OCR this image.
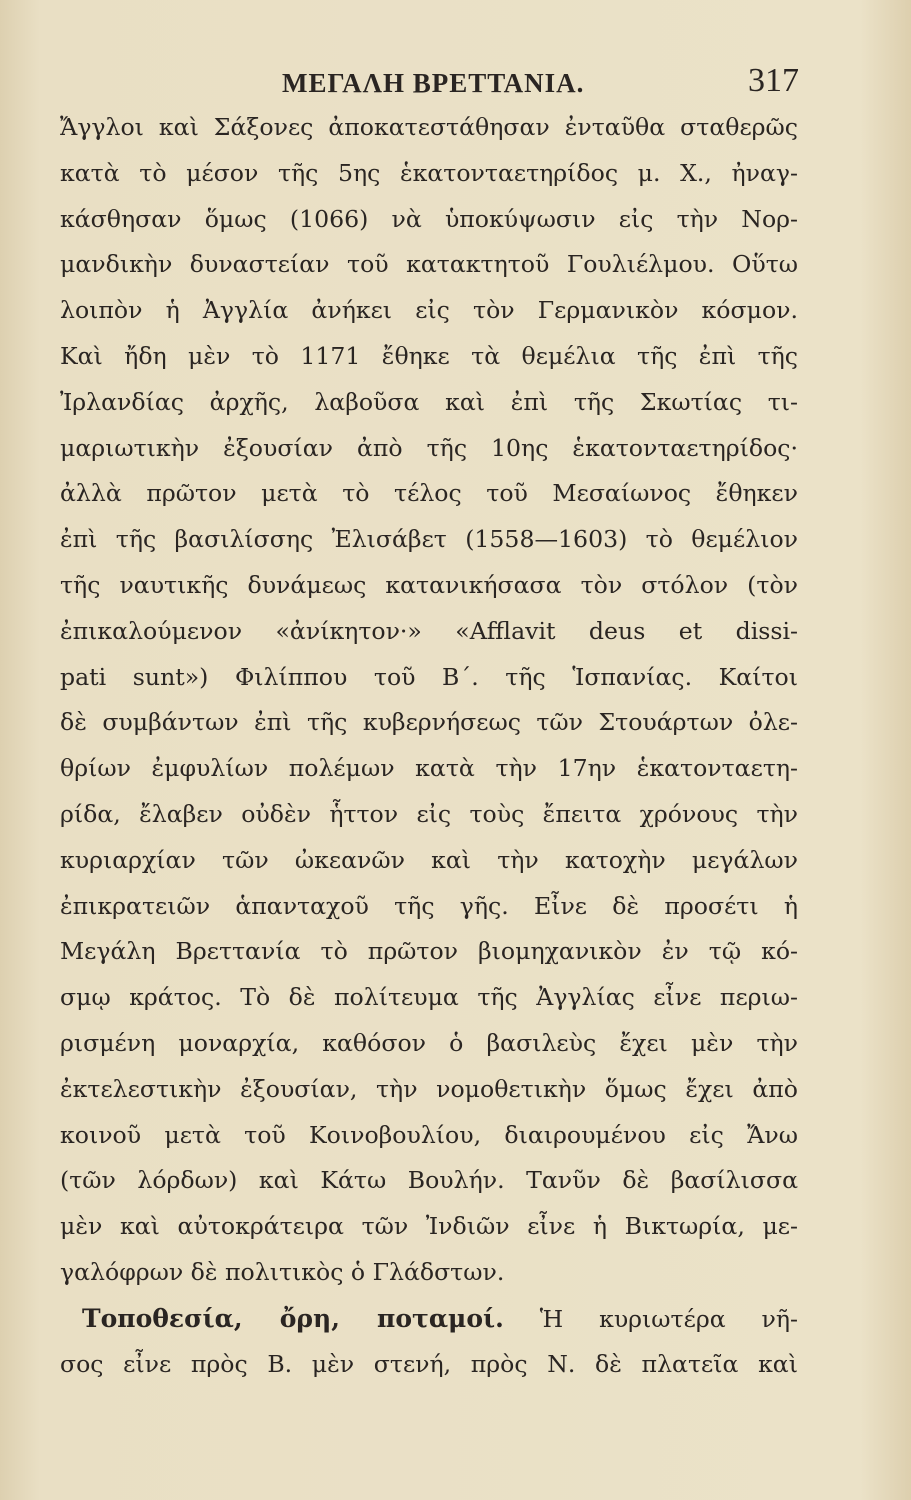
ΜΕΓΑΛΗ ΒΡΕΤΤΑΝΙΑ.	317
Ἄγγλοι καὶ Σάξονες ἀποκατεστάθησαν ἐνταῦθα σταθερῶς
κατὰ τὸ μέσον τῆς 5ης ἑκατονταετηρίδος μ. Χ., ἠναγ-
κάσθησαν ὅμως (1066) νὰ ὑποκύψωσιν εἰς τὴν Νορ-
μανδικὴν δυναστείαν τοῦ κατακτητοῦ Γουλιέλμου. Οὕτω
λοιπὸν ἡ Ἀγγλία ἀνήκει εἰς τὸν Γερμανικὸν κόσμον.
Καὶ ἤδη μὲν τὸ 1171 ἔθηκε τὰ θεμέλια τῆς ἐπὶ τῆς
Ἰρλανδίας ἀρχῆς, λαβοῦσα καὶ ἐπὶ τῆς Σκωτίας τι-
μαριωτικὴν ἐξουσίαν ἀπὸ τῆς 10ης ἑκατονταετηρίδος·
ἀλλὰ πρῶτον μετὰ τὸ τέλος τοῦ Μεσαίωνος ἔθηκεν
ἐπὶ τῆς βασιλίσσης Ἐλισάβετ (1558—1603) τὸ θεμέλιον
τῆς ναυτικῆς δυνάμεως κατανικήσασα τὸν στόλον (τὸν
ἐπικαλούμενον «ἀνίκητον·» «Afflavit deus et dissi-
pati sunt») Φιλίππου τοῦ Β΄. τῆς Ἱσπανίας. Καίτοι
δὲ συμβάντων ἐπὶ τῆς κυβερνήσεως τῶν Στουάρτων ὀλε-
θρίων ἐμφυλίων πολέμων κατὰ τὴν 17ην ἑκατονταετη-
ρίδα, ἔλαβεν οὐδὲν ἧττον εἰς τοὺς ἔπειτα χρόνους τὴν
κυριαρχίαν τῶν ὠκεανῶν καὶ τὴν κατοχὴν μεγάλων
ἐπικρατειῶν ἁπανταχοῦ τῆς γῆς. Εἶνε δὲ προσέτι ἡ
Μεγάλη Βρεττανία τὸ πρῶτον βιομηχανικὸν ἐν τῷ κό-
σμῳ κράτος. Τὸ δὲ πολίτευμα τῆς Ἀγγλίας εἶνε περιω-
ρισμένη μοναρχία, καθόσον ὁ βασιλεὺς ἔχει μὲν τὴν
ἐκτελεστικὴν ἐξουσίαν, τὴν νομοθετικὴν ὅμως ἔχει ἀπὸ
κοινοῦ μετὰ τοῦ Κοινοβουλίου, διαιρουμένου εἰς Ἄνω
(τῶν λόρδων) καὶ Κάτω Βουλήν. Τανῦν δὲ βασίλισσα
μὲν καὶ αὐτοκράτειρα τῶν Ἰνδιῶν εἶνε ἡ Βικτωρία, με-
γαλόφρων δὲ πολιτικὸς ὁ Γλάδστων.
Τοποθεσία, ὄρη, ποταμοί. Ἡ κυριωτέρα νῆ-
σος εἶνε πρὸς Β. μὲν στενή, πρὸς Ν. δὲ πλατεῖα καὶ
